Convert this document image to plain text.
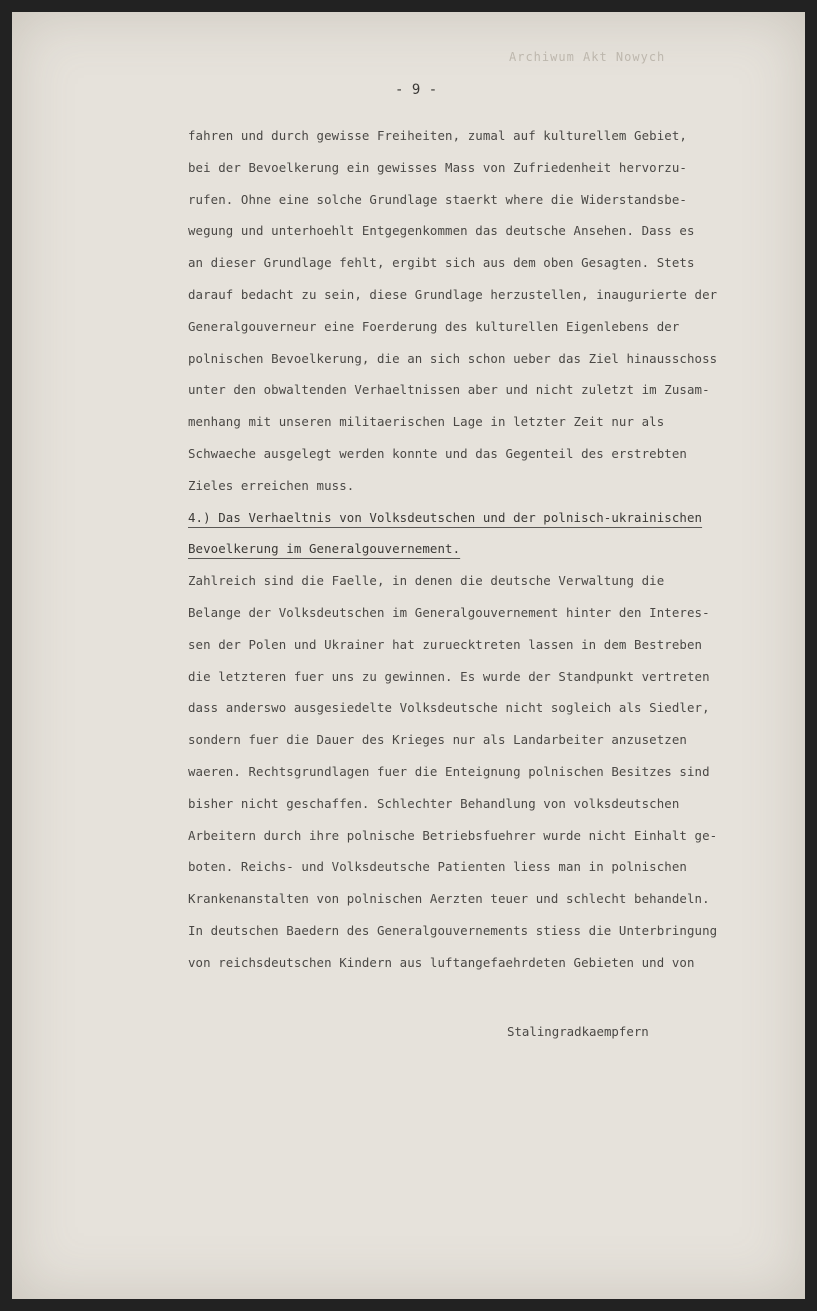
Archiwum Akt Nowych
- 9 -
fahren und durch gewisse Freiheiten, zumal auf kulturellem Gebiet,
bei der Bevoelkerung ein gewisses Mass von Zufriedenheit hervorzu-
rufen. Ohne eine solche Grundlage staerkt where die Widerstandsbe-
wegung und unterhoehlt Entgegenkommen das deutsche Ansehen. Dass es
an dieser Grundlage fehlt, ergibt sich aus dem oben Gesagten. Stets
darauf bedacht zu sein, diese Grundlage herzustellen, inaugurierte der
Generalgouverneur eine Foerderung des kulturellen Eigenlebens der
polnischen Bevoelkerung, die an sich schon ueber das Ziel hinausschoss
unter den obwaltenden Verhaeltnissen aber und nicht zuletzt im Zusam-
menhang mit unseren militaerischen Lage in letzter Zeit nur als
Schwaeche ausgelegt werden konnte und das Gegenteil des erstrebten
Zieles erreichen muss.
4.) Das Verhaeltnis von Volksdeutschen und der polnisch-ukrainischen
Bevoelkerung im Generalgouvernement.
Zahlreich sind die Faelle, in denen die deutsche Verwaltung die
Belange der Volksdeutschen im Generalgouvernement hinter den Interes-
sen der Polen und Ukrainer hat zuruecktreten lassen in dem Bestreben
die letzteren fuer uns zu gewinnen. Es wurde der Standpunkt vertreten
dass anderswo ausgesiedelte Volksdeutsche nicht sogleich als Siedler,
sondern fuer die Dauer des Krieges nur als Landarbeiter anzusetzen
waeren. Rechtsgrundlagen fuer die Enteignung polnischen Besitzes sind
bisher nicht geschaffen. Schlechter Behandlung von volksdeutschen
Arbeitern durch ihre polnische Betriebsfuehrer wurde nicht Einhalt ge-
boten. Reichs- und Volksdeutsche Patienten liess man in polnischen
Krankenanstalten von polnischen Aerzten teuer und schlecht behandeln.
In deutschen Baedern des Generalgouvernements stiess die Unterbringung
von reichsdeutschen Kindern aus luftangefaehrdeten Gebieten und von
Stalingradkaempfern
